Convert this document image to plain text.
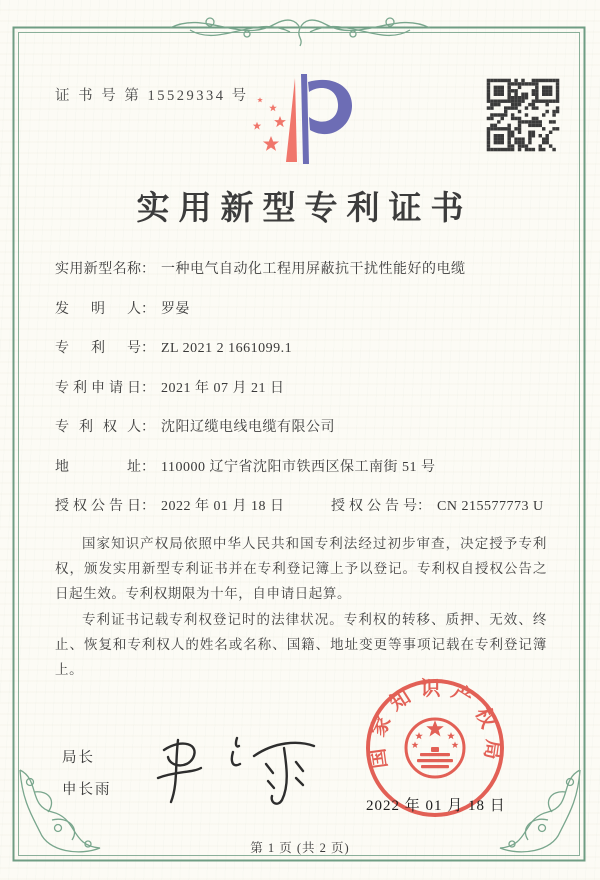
证 书 号 第 15529334 号
实用新型专利证书
实用新型名称： 一种电气自动化工程用屏蔽抗干扰性能好的电缆
发明人： 罗晏
专利号： ZL 2021 2 1661099.1
专利申请日： 2021 年 07 月 21 日
专利权人： 沈阳辽缆电线电缆有限公司
地址： 110000 辽宁省沈阳市铁西区保工南街 51 号
授权公告日： 2022 年 01 月 18 日	授权公告号： CN 215577773 U

国家知识产权局依照中华人民共和国专利法经过初步审查，决定授予专利权，颁发实用新型专利证书并在专利登记簿上予以登记。专利权自授权公告之日起生效。专利权期限为十年，自申请日起算。

专利证书记载专利权登记时的法律状况。专利权的转移、质押、无效、终止、恢复和专利权人的姓名或名称、国籍、地址变更等事项记载在专利登记簿上。

局长
申长雨
国家知识产权局
2022 年 01 月 18 日
第 1 页 (共 2 页)
